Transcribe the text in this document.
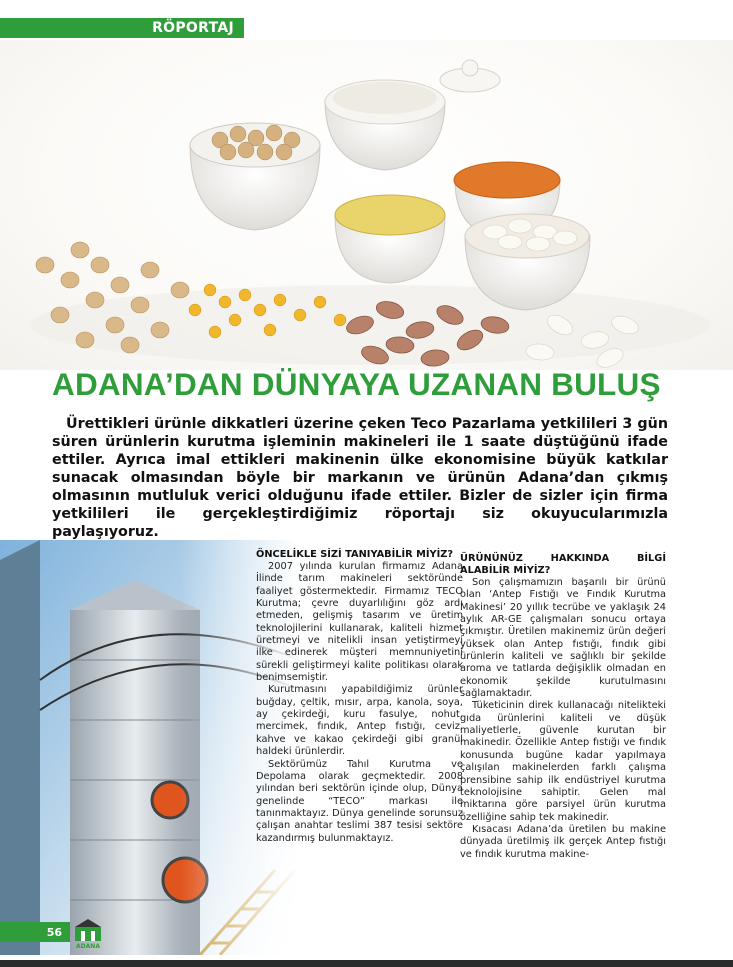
RÖPORTAJ
ADANA’DAN DÜNYAYA UZANAN BULUŞ

Ürettikleri ürünle dikkatleri üzerine çeken Teco Pazarlama yetkilileri 3 gün süren ürünlerin kurutma işleminin makineleri ile 1 saate düştüğünü ifade ettiler. Ayrıca imal ettikleri makinenin ülke ekonomisine büyük katkılar sunacak olmasından böyle bir markanın ve ürünün Adana’dan çıkmış olmasının mutluluk verici olduğunu ifade ettiler. Bizler de sizler için firma yetkilileri ile gerçekleştirdiğimiz röportajı siz okuyucularımızla paylaşıyoruz.

ÖNCELİKLE SİZİ TANIYABİLİR MİYİZ?

2007 yılında kurulan firmamız Adana İlinde tarım makineleri sektöründe faaliyet göstermektedir. Firmamız TECO Kurutma; çevre duyarlılığını göz ardı etmeden, gelişmiş tasarım ve üretim teknolojilerini kullanarak, kaliteli hizmet üretmeyi ve nitelikli insan yetiştirmeyi ilke edinerek müşteri memnuniyetini sürekli geliştirmeyi kalite politikası olarak benimsemiştir.

Kurutmasını yapabildiğimiz ürünler buğday, çeltik, mısır, arpa, kanola, soya, ay çekirdeği, kuru fasulye, nohut, mercimek, fındık, Antep fıstığı, ceviz, kahve ve kakao çekirdeği gibi granül haldeki ürünlerdir.

Sektörümüz Tahıl Kurutma ve Depolama olarak geçmektedir. 2008 yılından beri sektörün içinde olup, Dünya genelinde “TECO” markası ile tanınmaktayız. Dünya genelinde sorunsuz çalışan anahtar teslimi 387 tesisi sektöre kazandırmış bulunmaktayız.

ÜRÜNÜNÜZ HAKKINDA BİLGİ ALABİLİR MİYİZ?

Son çalışmamızın başarılı bir ürünü olan ‘Antep Fıstığı ve Fındık Kurutma Makinesi’ 20 yıllık tecrübe ve yaklaşık 24 aylık AR-GE çalışmaları sonucu ortaya çıkmıştır. Üretilen makinemiz ürün değeri yüksek olan Antep fıstığı, fındık gibi ürünlerin kaliteli ve sağlıklı bir şekilde aroma ve tatlarda değişiklik olmadan en ekonomik şekilde kurutulmasını sağlamaktadır.

Tüketicinin direk kullanacağı nitelikteki gıda ürünlerini kaliteli ve düşük maliyetlerle, güvenle kurutan bir makinedir. Özellikle Antep fıstığı ve fındık konusunda bugüne kadar yapılmaya çalışılan makinelerden farklı çalışma prensibine sahip ilk endüstriyel kurutma teknolojisine sahiptir. Gelen mal miktarına göre parsiyel ürün kurutma özelliğine sahip tek makinedir.

Kısacası Adana’da üretilen bu makine dünyada üretilmiş ilk gerçek Antep fıstığı ve fındık kurutma makine-

56
ADANA
